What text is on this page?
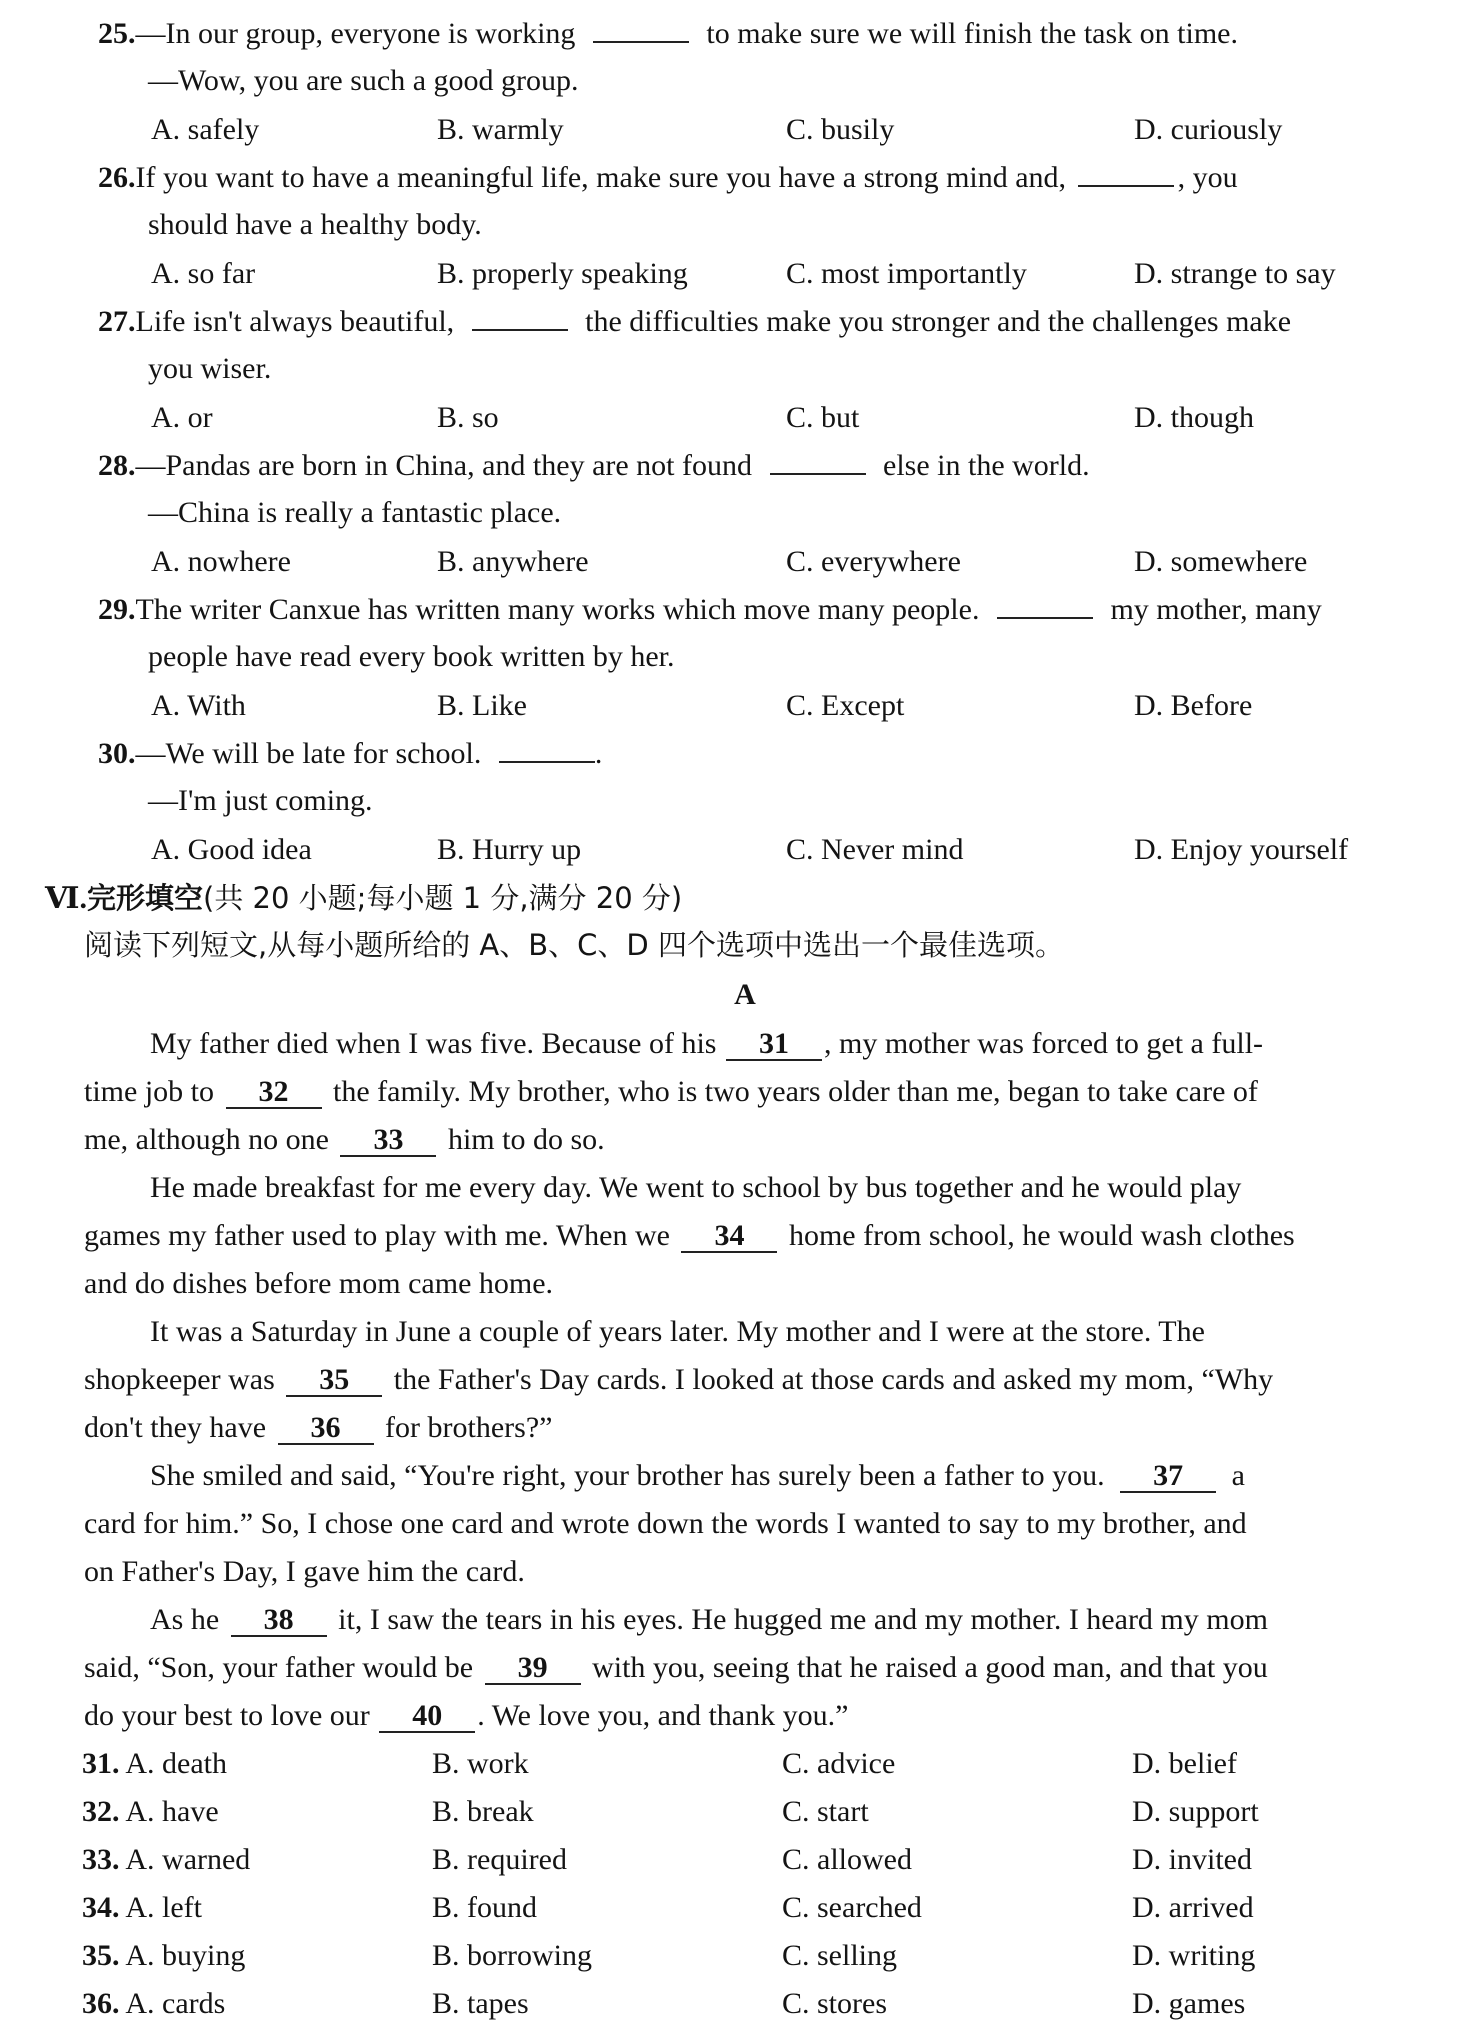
25.—In our group, everyone is working	to make sure we will finish the task on time.
—Wow, you are such a good group.
A. safely	B. warmly	C. busily	D. curiously
26.If you want to have a meaningful life, make sure you have a strong mind and,	, you
should have a healthy body.
A. so far	B. properly speaking	C. most importantly	D. strange to say
27.Life isn't always beautiful,	the difficulties make you stronger and the challenges make
you wiser.
A. or	B. so	C. but	D. though
28.—Pandas are born in China, and they are not found	else in the world.
—China is really a fantastic place.
A. nowhere	B. anywhere	C. everywhere	D. somewhere
29.The writer Canxue has written many works which move many people.	my mother, many
people have read every book written by her.
A. With	B. Like	C. Except	D. Before
30.—We will be late for school.	.
—I'm just coming.
A. Good idea	B. Hurry up	C. Never mind	D. Enjoy yourself
Ⅵ.完形填空(共 20 小题;每小题 1 分,满分 20 分)
阅读下列短文,从每小题所给的 A、B、C、D 四个选项中选出一个最佳选项。
A
My father died when I was five. Because of his 31 , my mother was forced to get a full-
time job to 32 the family. My brother, who is two years older than me, began to take care of
me, although no one 33 him to do so.
He made breakfast for me every day. We went to school by bus together and he would play
games my father used to play with me. When we 34 home from school, he would wash clothes
and do dishes before mom came home.
It was a Saturday in June a couple of years later. My mother and I were at the store. The
shopkeeper was 35 the Father's Day cards. I looked at those cards and asked my mom, “Why
don't they have 36 for brothers?”
She smiled and said, “You're right, your brother has surely been a father to you. 37 a
card for him.” So, I chose one card and wrote down the words I wanted to say to my brother, and
on Father's Day, I gave him the card.
As he 38 it, I saw the tears in his eyes. He hugged me and my mother. I heard my mom
said, “Son, your father would be 39 with you, seeing that he raised a good man, and that you
do your best to love our 40 . We love you, and thank you.”
31. A. death	B. work	C. advice	D. belief
32. A. have	B. break	C. start	D. support
33. A. warned	B. required	C. allowed	D. invited
34. A. left	B. found	C. searched	D. arrived
35. A. buying	B. borrowing	C. selling	D. writing
36. A. cards	B. tapes	C. stores	D. games
